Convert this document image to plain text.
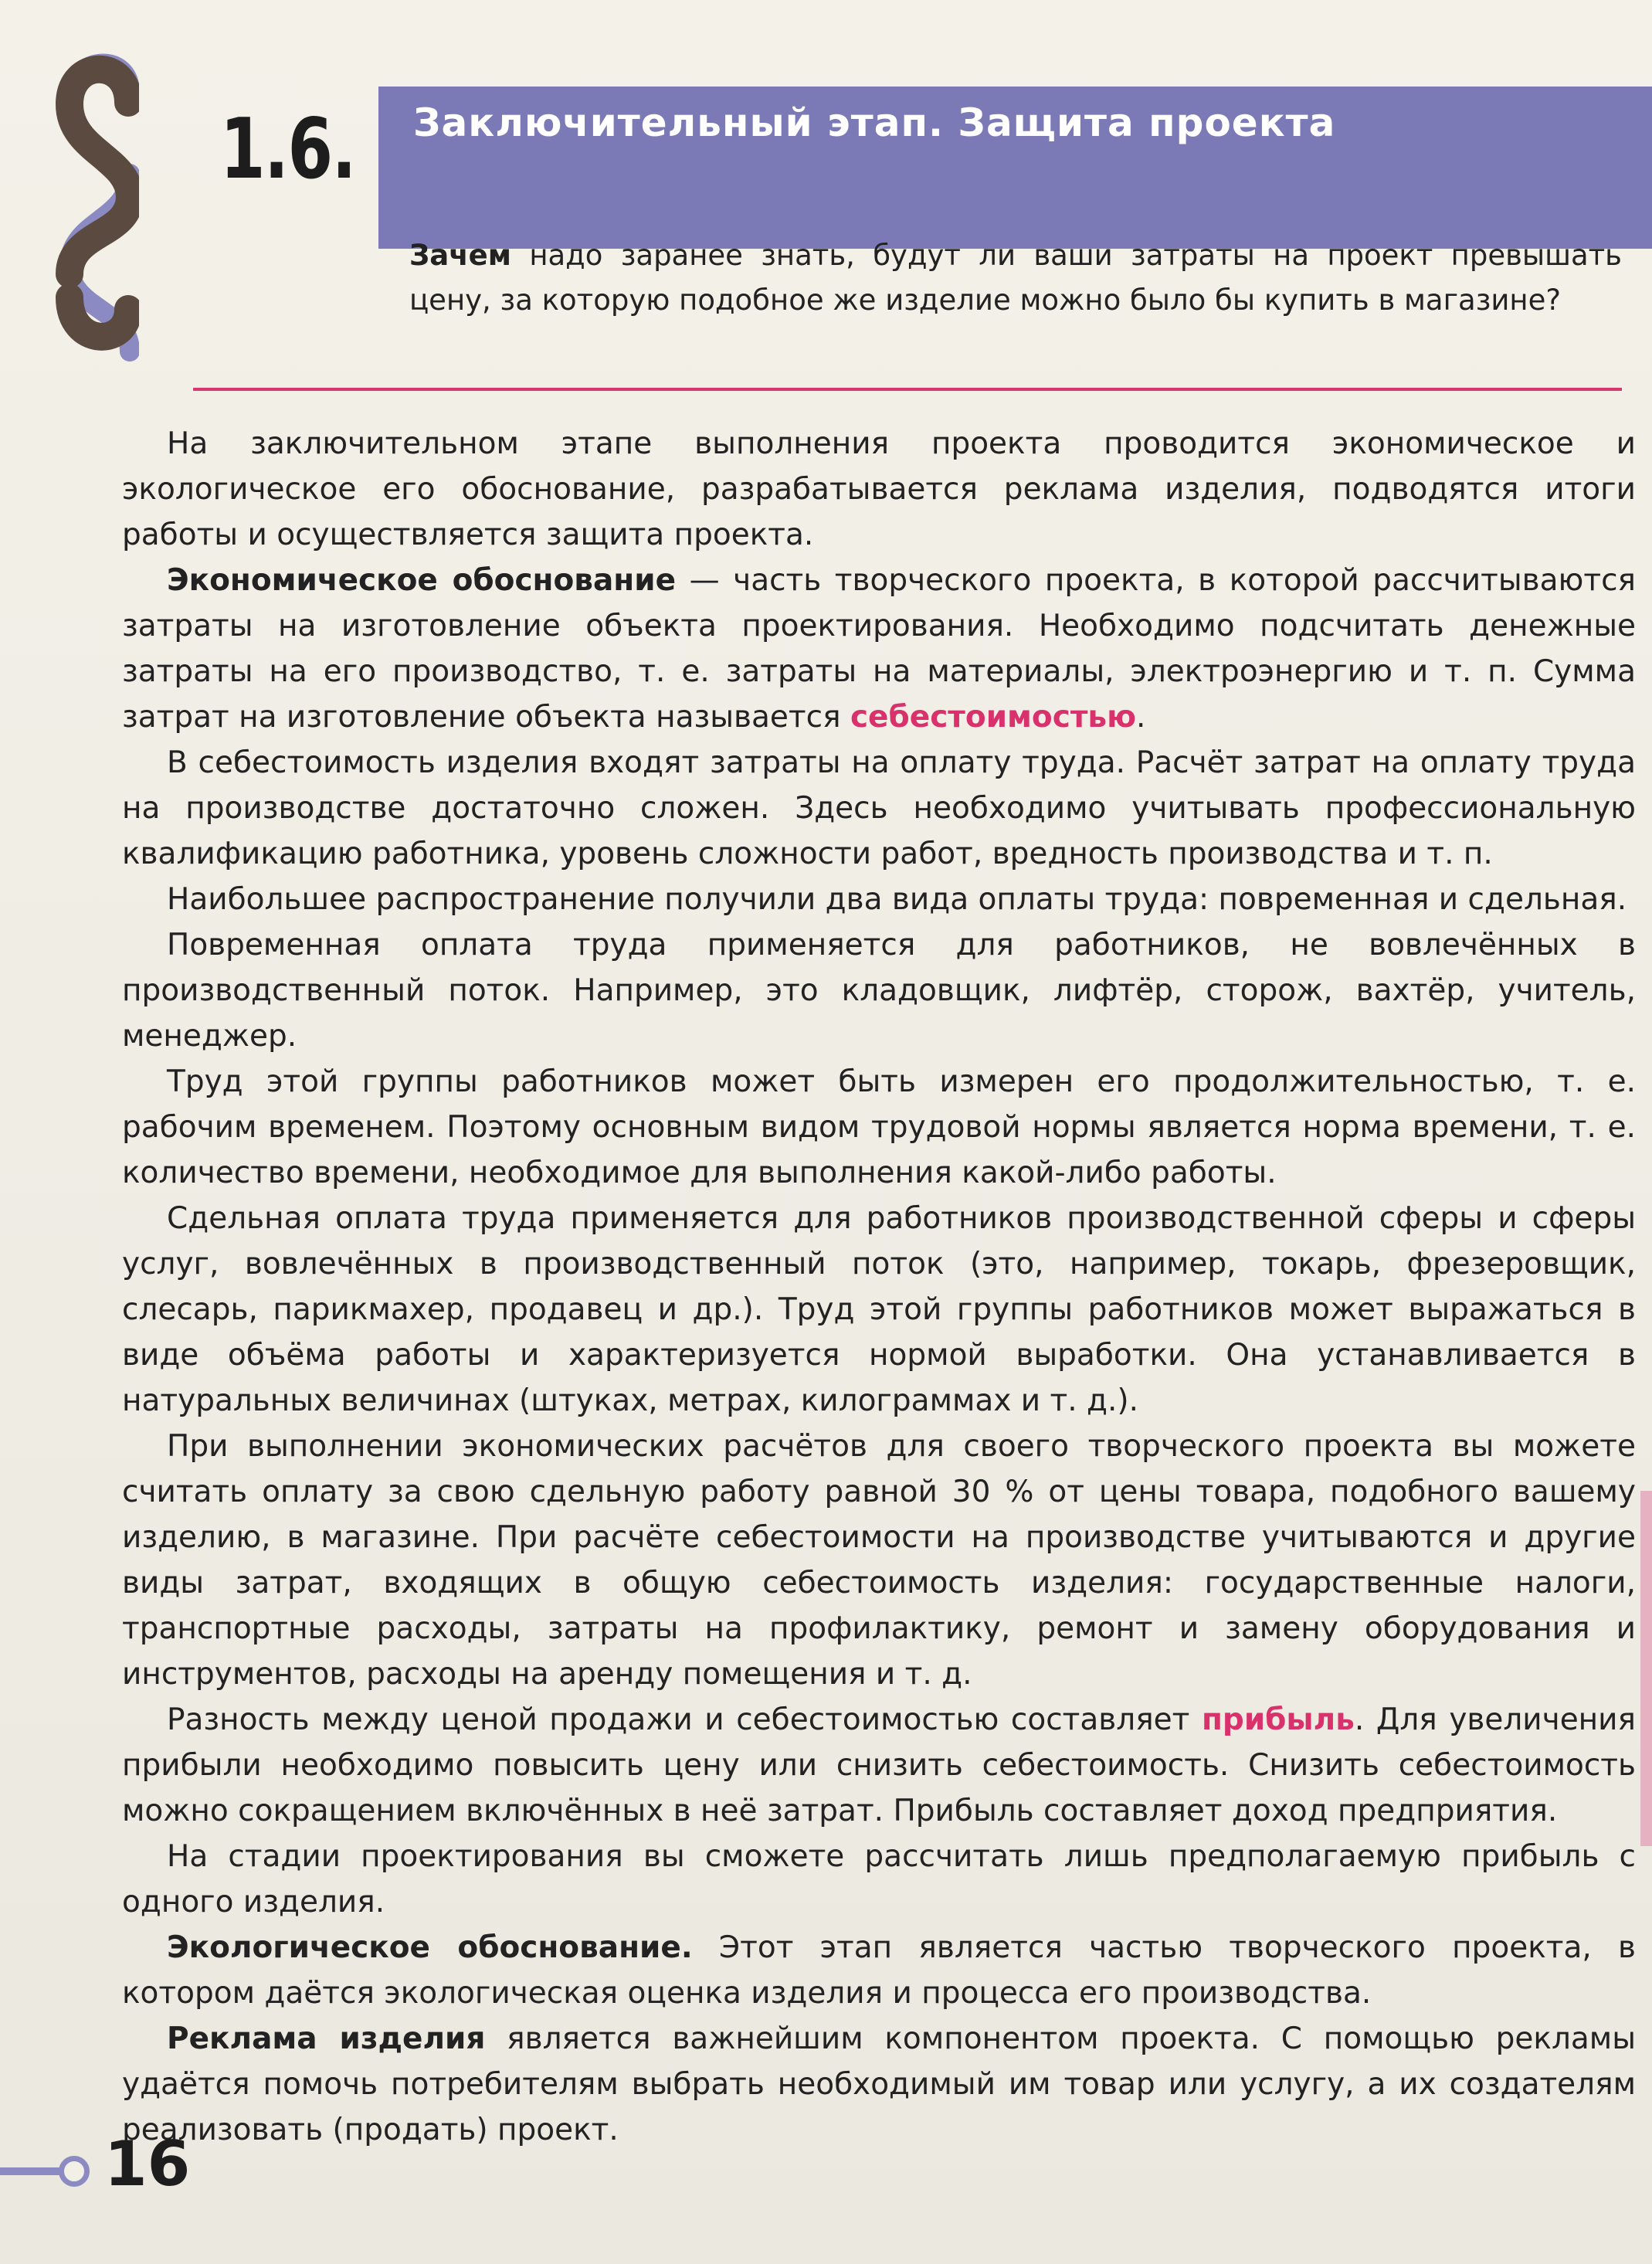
1.6. Заключительный этап. Защита проекта
Зачем надо заранее знать, будут ли ваши затраты на проект превышать цену, за которую подобное же изделие можно было бы купить в магазине?

На заключительном этапе выполнения проекта проводится экономическое и экологическое его обоснование, разрабатывается реклама изделия, подводятся итоги работы и осуществляется защита проекта.

Экономическое обоснование — часть творческого проекта, в которой рассчитываются затраты на изготовление объекта проектирования. Необходимо подсчитать денежные затраты на его производство, т. е. затраты на материалы, электроэнергию и т. п. Сумма затрат на изготовление объекта называется себестоимостью.

В себестоимость изделия входят затраты на оплату труда. Расчёт затрат на оплату труда на производстве достаточно сложен. Здесь необходимо учитывать профессиональную квалификацию работника, уровень сложности работ, вредность производства и т. п.

Наибольшее распространение получили два вида оплаты труда: повременная и сдельная.

Повременная оплата труда применяется для работников, не вовлечённых в производственный поток. Например, это кладовщик, лифтёр, сторож, вахтёр, учитель, менеджер.

Труд этой группы работников может быть измерен его продолжительностью, т. е. рабочим временем. Поэтому основным видом трудовой нормы является норма времени, т. е. количество времени, необходимое для выполнения какой-либо работы.

Сдельная оплата труда применяется для работников производственной сферы и сферы услуг, вовлечённых в производственный поток (это, например, токарь, фрезеровщик, слесарь, парикмахер, продавец и др.). Труд этой группы работников может выражаться в виде объёма работы и характеризуется нормой выработки. Она устанавливается в натуральных величинах (штуках, метрах, килограммах и т. д.).

При выполнении экономических расчётов для своего творческого проекта вы можете считать оплату за свою сдельную работу равной 30 % от цены товара, подобного вашему изделию, в магазине. При расчёте себестоимости на производстве учитываются и другие виды затрат, входящих в общую себестоимость изделия: государственные налоги, транспортные расходы, затраты на профилактику, ремонт и замену оборудования и инструментов, расходы на аренду помещения и т. д.

Разность между ценой продажи и себестоимостью составляет прибыль. Для увеличения прибыли необходимо повысить цену или снизить себестоимость. Снизить себестоимость можно сокращением включённых в неё затрат. Прибыль составляет доход предприятия.

На стадии проектирования вы сможете рассчитать лишь предполагаемую прибыль с одного изделия.

Экологическое обоснование. Этот этап является частью творческого проекта, в котором даётся экологическая оценка изделия и процесса его производства.

Реклама изделия является важнейшим компонентом проекта. С помощью рекламы удаётся помочь потребителям выбрать необходимый им товар или услугу, а их создателям реализовать (продать) проект.

16
